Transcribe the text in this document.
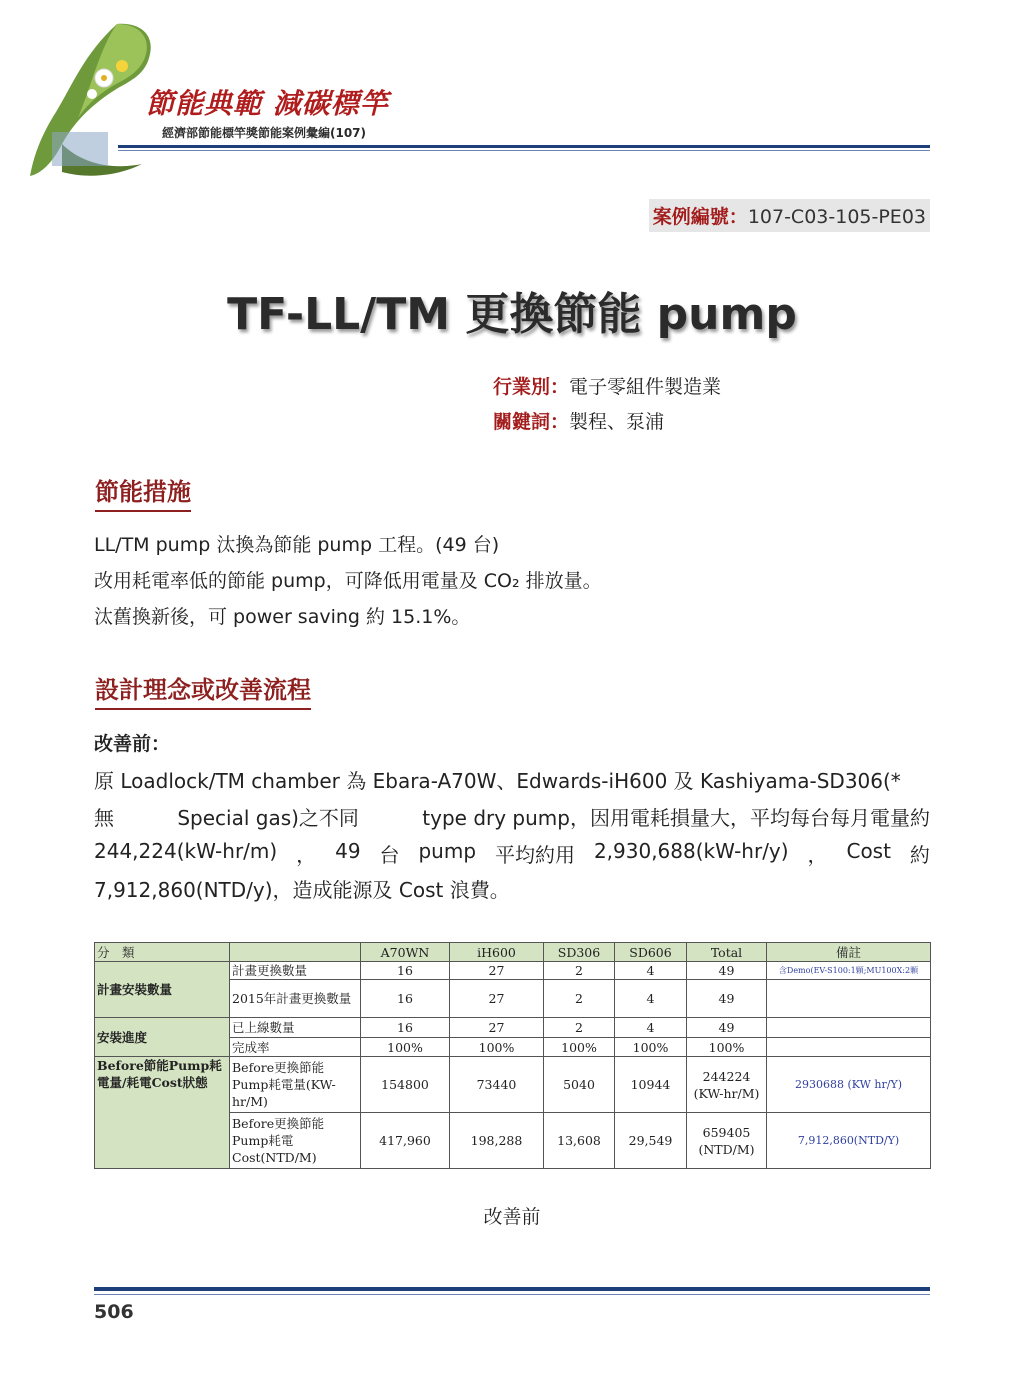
節能典範 減碳標竿
經濟部節能標竿獎節能案例彙編(107)
案例編號：107-C03-105-PE03
TF-LL/TM 更換節能 pump
行業別：電子零組件製造業
關鍵詞：製程、泵浦
節能措施
LL/TM pump 汰換為節能 pump 工程。(49 台)
改用耗電率低的節能 pump，可降低用電量及 CO₂ 排放量。
汰舊換新後，可 power saving 約 15.1%。
設計理念或改善流程
改善前：
原 Loadlock/TM chamber 為 Ebara-A70W、Edwards-iH600 及 Kashiyama-SD306(*
無	Special gas)之不同	type dry pump，因用電耗損量大，平均每台每月電量約
244,224(kW-hr/m) ， 49 台 pump 平均約用 2,930,688(kW-hr/y) ， Cost 約
7,912,860(NTD/y)，造成能源及 Cost 浪費。
分　類		A70WN	iH600	SD306	SD606	Total	備註
計畫安裝數量	計畫更換數量	16	27	2	4	49	含Demo(EV-S100:1顆;MU100X:2顆
	2015年計畫更換數量	16	27	2	4	49	
安裝進度	已上線數量	16	27	2	4	49	
	完成率	100%	100%	100%	100%	100%	
Before節能Pump耗電量/耗電Cost狀態	Before更換節能Pump耗電量(KW-hr/M)	154800	73440	5040	10944	244224 (KW-hr/M)	2930688 (KW hr/Y)
	Before更換節能Pump耗電Cost(NTD/M)	417,960	198,288	13,608	29,549	659405 (NTD/M)	7,912,860(NTD/Y)
改善前
506
